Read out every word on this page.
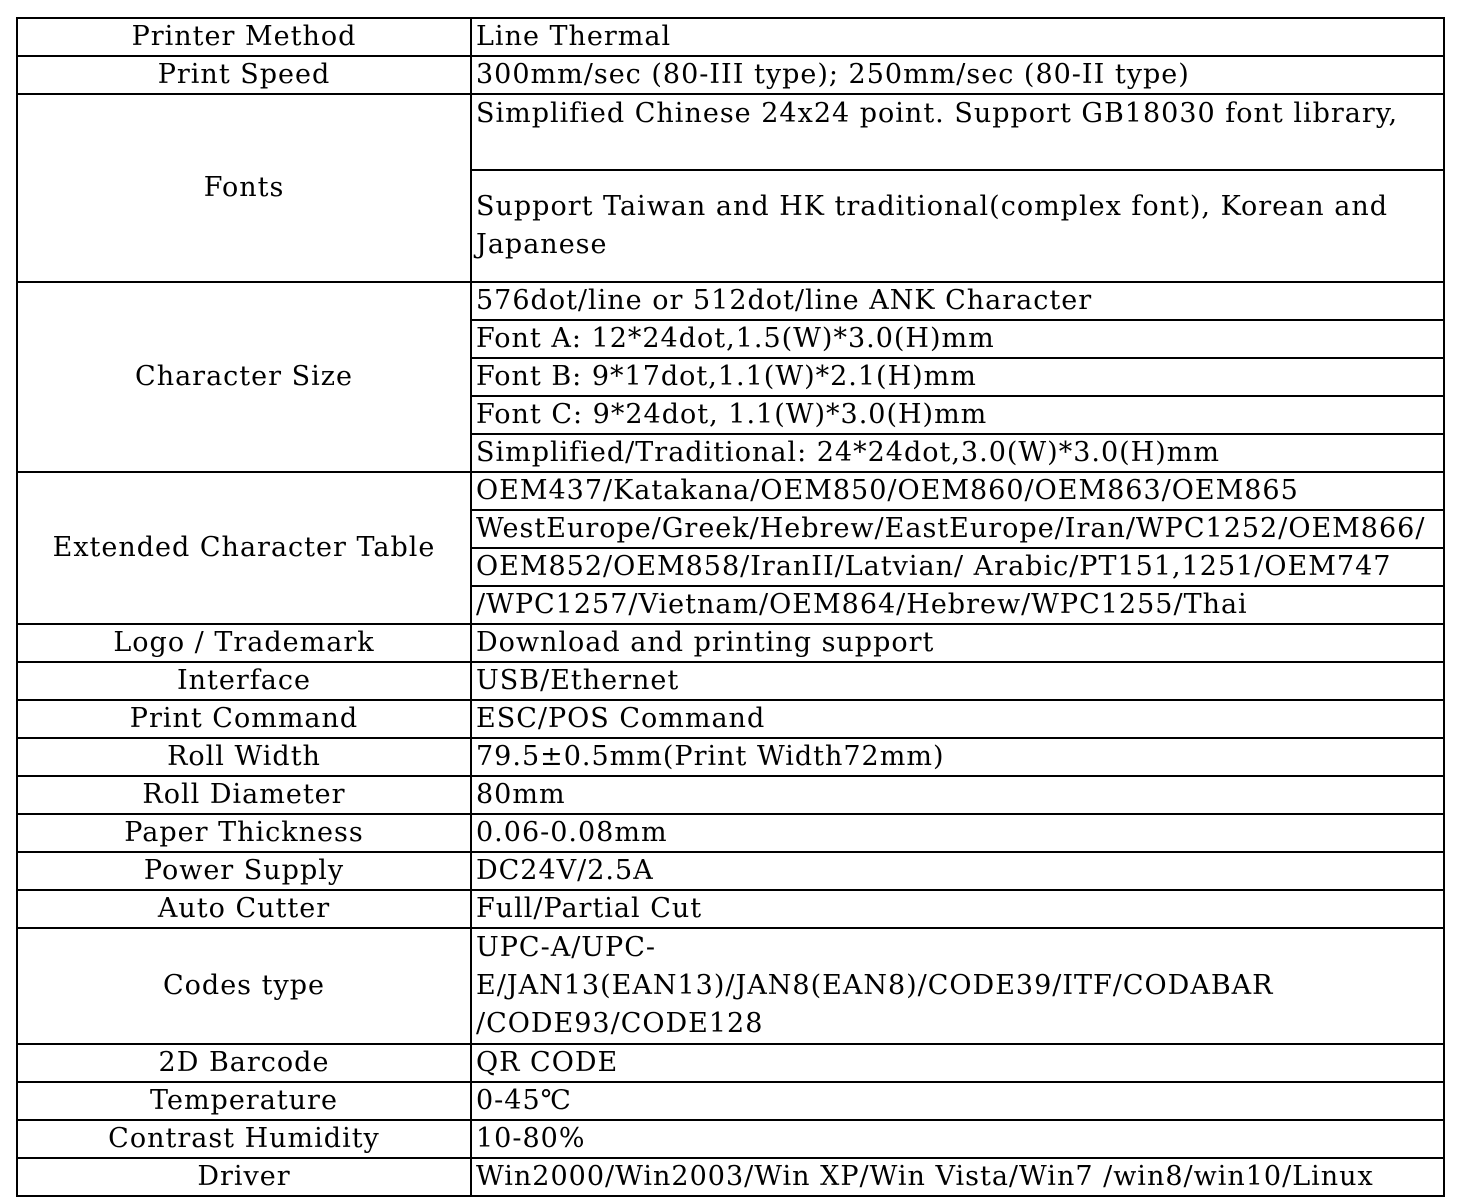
Printer Method	Line Thermal
Print Speed	300mm/sec (80-III type); 250mm/sec (80-II type)
Fonts	Simplified Chinese 24x24 point. Support GB18030 font library,
	Support Taiwan and HK traditional(complex font), Korean and Japanese
Character Size	576dot/line or 512dot/line ANK Character
	Font A: 12*24dot,1.5(W)*3.0(H)mm
	Font B: 9*17dot,1.1(W)*2.1(H)mm
	Font C: 9*24dot, 1.1(W)*3.0(H)mm
	Simplified/Traditional: 24*24dot,3.0(W)*3.0(H)mm
Extended Character Table	OEM437/Katakana/OEM850/OEM860/OEM863/OEM865
	WestEurope/Greek/Hebrew/EastEurope/Iran/WPC1252/OEM866/
	OEM852/OEM858/IranII/Latvian/ Arabic/PT151,1251/OEM747
	/WPC1257/Vietnam/OEM864/Hebrew/WPC1255/Thai
Logo / Trademark	Download and printing support
Interface	USB/Ethernet
Print Command	ESC/POS Command
Roll Width	79.5±0.5mm(Print Width72mm)
Roll Diameter	80mm
Paper Thickness	0.06-0.08mm
Power Supply	DC24V/2.5A
Auto Cutter	Full/Partial Cut
Codes type	UPC-A/UPC-E/JAN13(EAN13)/JAN8(EAN8)/CODE39/ITF/CODABAR /CODE93/CODE128
2D Barcode	QR CODE
Temperature	0-45℃
Contrast Humidity	10-80%
Driver	Win2000/Win2003/Win XP/Win Vista/Win7 /win8/win10/Linux
